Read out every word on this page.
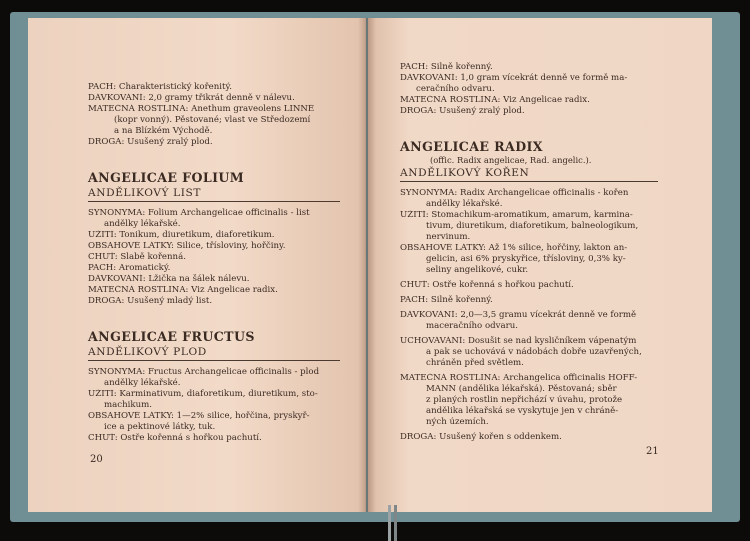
PACH: Charakteristický kořenitý.
DÁVKOVÁNÍ: 2,0 gramy třikrát denně v nálevu.
MATEČNÁ ROSTLINA: Anethum graveolens LINNÉ
(kopr vonný). Pěstované; vlast ve Středozemí
a na Blízkém Východě.
DROGA: Usušený zralý plod.
ANGELICAE FOLIUM
ANDĚLIKOVÝ LIST
SYNONYMA: Folium Archangelicae officinalis - list
andělky lékařské.
UŽITÍ: Tonikum, diuretikum, diaforetikum.
OBSAHOVÉ LÁTKY: Silice, třísloviny, hořčiny.
CHUŤ: Slabě kořenná.
PACH: Aromatický.
DÁVKOVÁNÍ: Lžička na šálek nálevu.
MATEČNÁ ROSTLINA: Viz Angelicae radix.
DROGA: Usušený mladý list.
ANGELICAE FRUCTUS
ANDĚLIKOVÝ PLOD
SYNONYMA: Fructus Archangelicae officinalis - plod
andělky lékařské.
UŽITÍ: Karminativum, diaforetikum, diuretikum, sto-
machikum.
OBSAHOVÉ LÁTKY: 1—2% silice, hořčina, pryskyř-
ice a pektinové látky, tuk.
CHUŤ: Ostře kořenná s hořkou pachutí.
20
PACH: Silně kořenný.
DÁVKOVÁNÍ: 1,0 gram vícekrát denně ve formě ma-
ceračního odvaru.
MATEČNÁ ROSTLINA: Viz Angelicae radix.
DROGA: Usušený zralý plod.
ANGELICAE RADIX
(offic. Radix angelicae, Rad. angelic.).
ANDĚLIKOVÝ KOŘEN
SYNONYMA: Radix Archangelicae officinalis - kořen
andělky lékařské.
UŽITÍ: Stomachikum-aromatikum, amarum, karmina-
tivum, diuretikum, diaforetikum, balneologikum,
nervinum.
OBSAHOVÉ LÁTKY: Až 1% silice, hořčiny, lakton an-
gelicin, asi 6% pryskyřice, třísloviny, 0,3% ky-
seliny angelikové, cukr.
CHUŤ: Ostře kořenná s hořkou pachutí.
PACH: Silně kořenný.
DÁVKOVÁNÍ: 2,0—3,5 gramu vícekrát denně ve formě
maceračního odvaru.
UCHOVÁVÁNÍ: Dosušit se nad kysličníkem vápenatým
a pak se uchovává v nádobách dobře uzavřených,
chráněn před světlem.
MATEČNÁ ROSTLINA: Archangelica officinalis HOFF-
MANN (andělika lékařská). Pěstovaná; sběr
z planých rostlin nepřichází v úvahu, protože
andělika lékařská se vyskytuje jen v chráně-
ných územích.
DROGA: Usušený kořen s oddenkem.
21
